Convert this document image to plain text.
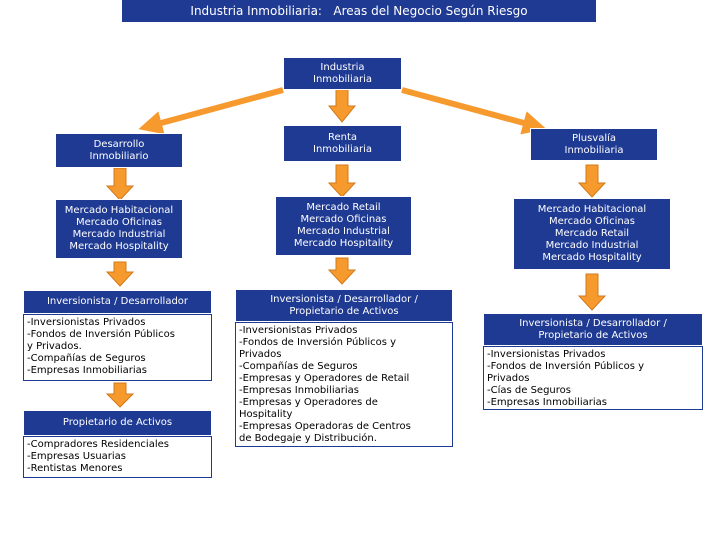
Industria Inmobiliaria:   Areas del Negocio Según Riesgo
Industria
Inmobiliaria
Desarrollo
Inmobiliario
Mercado Habitacional
Mercado Oficinas
Mercado Industrial
Mercado Hospitality
Inversionista / Desarrollador
-Inversionistas Privados
-Fondos de Inversión Públicos
y Privados.
-Compañías de Seguros
-Empresas Inmobiliarias
Propietario de Activos
-Compradores Residenciales
-Empresas Usuarias
-Rentistas Menores
Renta
Inmobiliaria
Mercado Retail
Mercado Oficinas
Mercado Industrial
Mercado Hospitality
Inversionista / Desarrollador /
Propietario de Activos
-Inversionistas Privados
-Fondos de Inversión Públicos y
Privados
-Compañías de Seguros
-Empresas y Operadores de Retail
-Empresas Inmobiliarias
-Empresas y Operadores de
Hospitality
-Empresas Operadoras de Centros
de Bodegaje y Distribución.
Plusvalía
Inmobiliaria
Mercado Habitacional
Mercado Oficinas
Mercado Retail
Mercado Industrial
Mercado Hospitality
Inversionista / Desarrollador /
Propietario de Activos
-Inversionistas Privados
-Fondos de Inversión Públicos y
Privados
-Cías de Seguros
-Empresas Inmobiliarias
